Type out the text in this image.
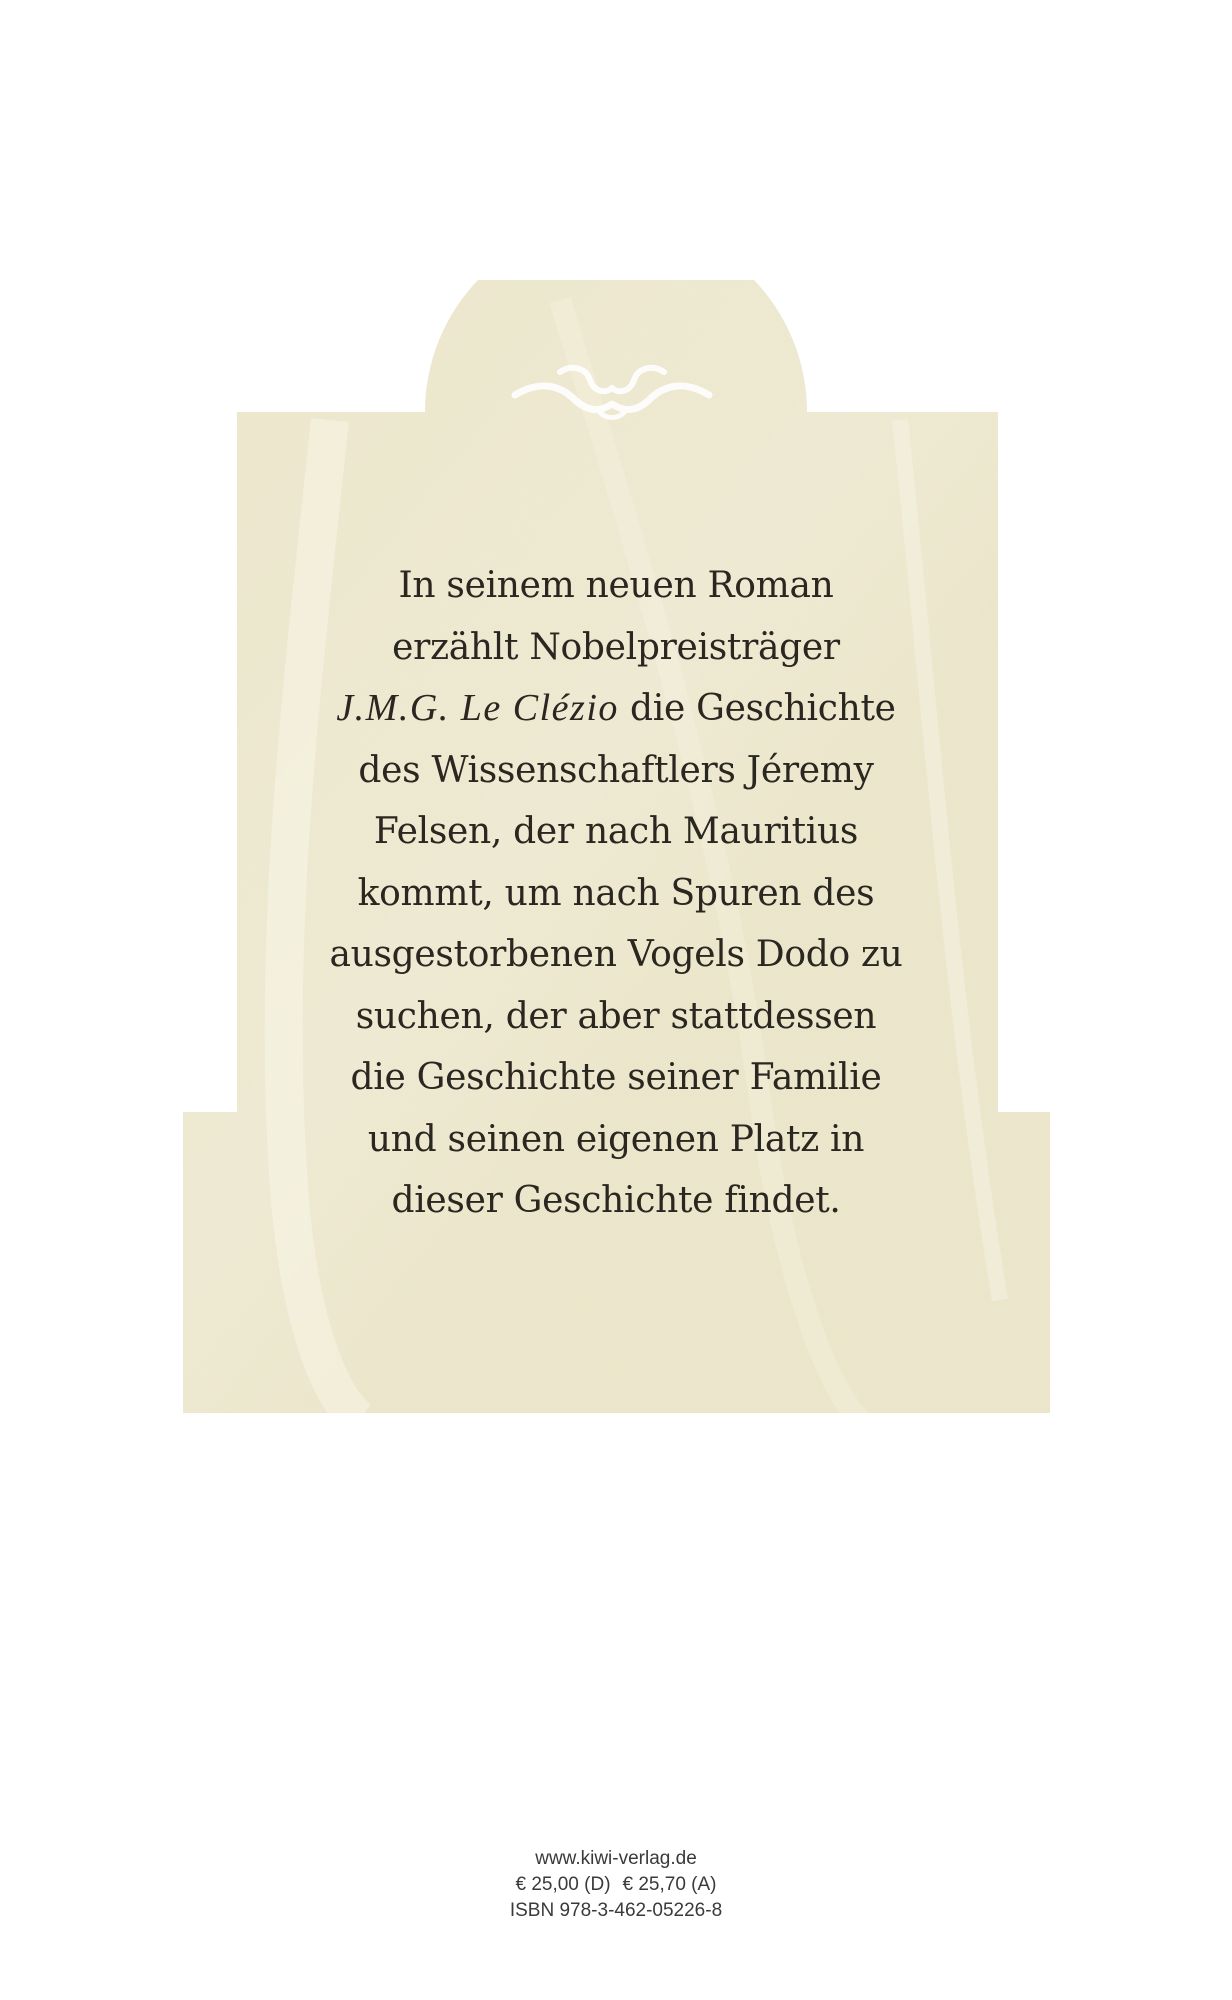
In seinem neuen Roman
erzählt Nobelpreisträger
J.M.G. Le Clézio die Geschichte
des Wissenschaftlers Jéremy
Felsen, der nach Mauritius
kommt, um nach Spuren des
ausgestorbenen Vogels Dodo zu
suchen, der aber stattdessen
die Geschichte seiner Familie
und seinen eigenen Platz in
dieser Geschichte findet.
www.kiwi-verlag.de
€ 25,00 (D) € 25,70 (A)
ISBN 978-3-462-05226-8
